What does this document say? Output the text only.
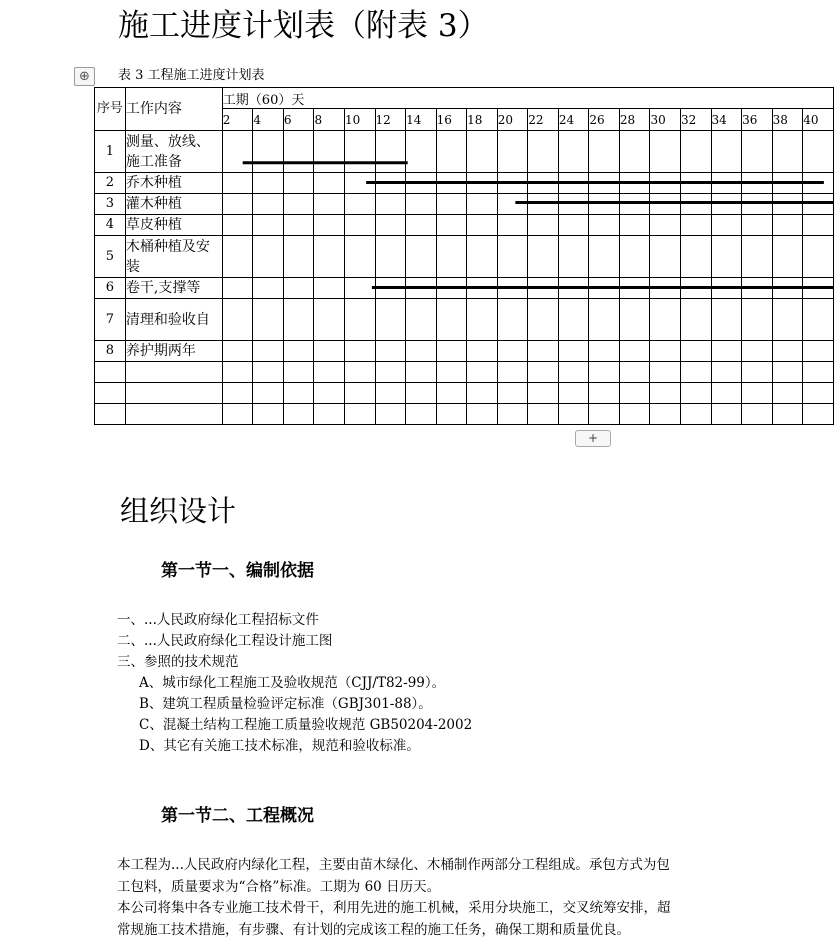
施工进度计划表（附表 3）
⊕	表 3 工程施工进度计划表
序号	工作内容	工期（60）天																			
		2	4	6	8	10	12	14	16	18	20	22	24	26	28	30	32	34	36	38	40
1	测量、放线、施工准备																				
2	乔木种植																				
3	灌木种植																				
4	草皮种植																				
5	木桶种植及安装																				
6	卷干,支撑等																				
7	清理和验收自																				
8	养护期两年																				

+
组织设计
第一节一、编制依据
一、...人民政府绿化工程招标文件
二、...人民政府绿化工程设计施工图
三、参照的技术规范
A、城市绿化工程施工及验收规范（CJJ/T82-99）。
B、建筑工程质量检验评定标准（GBJ301-88）。
C、混凝土结构工程施工质量验收规范 GB50204-2002
D、其它有关施工技术标准，规范和验收标准。
第一节二、工程概况

本工程为...人民政府内绿化工程，主要由苗木绿化、木桶制作两部分工程组成。承包方式为包工包料，质量要求为“合格”标准。工期为 60 日历天。

本公司将集中各专业施工技术骨干，利用先进的施工机械，采用分块施工，交叉统筹安排，超常规施工技术措施，有步骤、有计划的完成该工程的施工任务，确保工期和质量优良。
